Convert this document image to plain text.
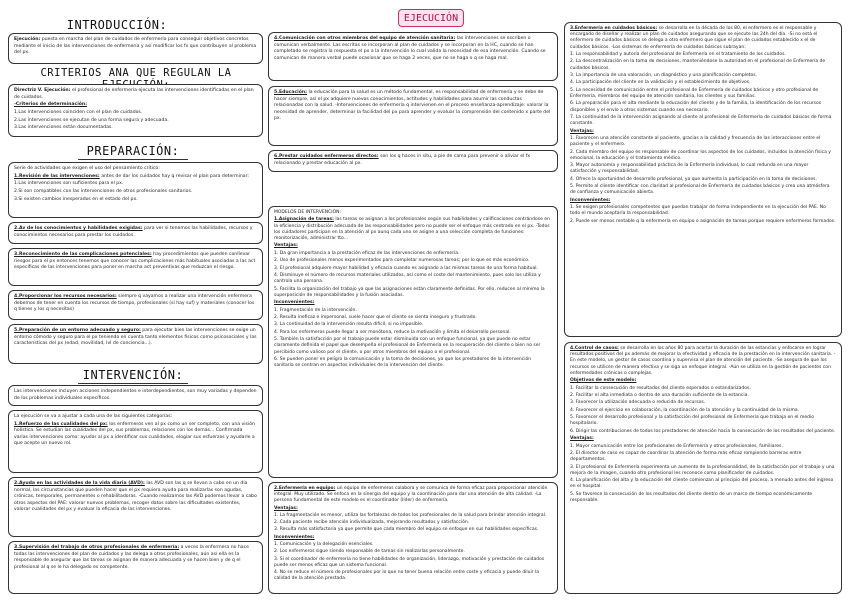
INTRODUCCIÓN:

Ejecución: puesta en marcha del plan de cuidados de enfermería para conseguir objetivos concretos mediante el inicio de las intervenciones de enfermería y así modificar los fx que contribuyen al problema del px.

CRITERIOS ANA QUE REGULAN LA

Directriz V. Ejecución: el profesional de enfermería ejecuta las intervenciones identificadas en el plan de cuidados.

-Criterios de determinación:

1.Las intervenciones coinciden con el plan de cuidados.

2.Las intervenciones se ejecutan de una forma segura y adecuada.

3.Las intervenciones están documentadas.

PREPARACIÓN:

Serie de actividades que exigen el uso del pensamiento crítico:

1.Revisión de las intervenciones: antes de dar los cuidados hay q revisar el plan para determinar:

1.Las intervenciones son suficientes para el px.

2.Si son compatibles con las intervenciones de otros profesionales sanitarios.

3.Si existen cambios inesperados en el estado del px.

2.Av de los conocimientos y habilidades exigidas: para ver si tenemos las habilidades, recursos y conocimientos necesarios para prestar los cuidados.

3.Reconocimiento de las complicaciones potenciales: hay procedimientos que pueden conllevar riesgos para el px entonces tenemos que conocer las complicaciones más habituales asociadas a las act específicas de las intervenciones para poner en marcha act preventivas que reduzcan el riesgo.

4.Proporcionar los recursos necesarios: siempre q vayamos a realizar una intervención enfermera debemos de tener en cuenta los recursos de tiempo, profesionales (si hay suf) y materiales (conocer los q tienes y los q necesitas)

5.Preparación de un entorno adecuado y seguro: para ejecutar bien las intervenciones se exige un entorno cómodo y seguro para el px teniendo en cuenta tanto elementos físicos como psicosociales y las características del px (edad, movilidad, lvl de conciencia...).

INTERVENCIÓN:

Las intervenciones incluyen acciones independientes e interdependientes, son muy variadas y dependen de los problemas individuales específicos.

La ejecución se va a ajustar a cada una de las siguientes categorías:

1.Refuerzo de las cualidades del px: los enfermeros ven al px como un ser completo, con una visión holística. Se estudian las cualidades del px, sus problemas, relaciones con los demás... Confirmada varias intervenciones como: ayudar al px a identificar sus cualidades, elogiar sus esfuerzos y ayudarle a que acepte un nuevo rol.

2.Ayuda en las actividades de la vida diaria (AVD): las AVD son las q se llevan a cabo en un día normal, las circunstancias que pueden hacer que el px requiera ayuda para realizarlas son agudas, crónicas, temporales, permanentes o rehabilitadoras. -Cuando realizamos las AVD podemos llevar a cabo otros aspectos del PAE: valorar nuevos problemas, recoger datos sobre las dificultades existentes, valorar cualidades del px y evaluar la eficacia de las intervenciones.

3.Supervisión del trabajo de otros profesionales de enfermería: a veces la enfermera no hace todas las intervenciones del plan de cuidados y las delega a otros profesionales, aún así ella es la responsable de asegurar que las tareas se asignan de manera adecuada y se hacen bien y de q el profesional al q se le ha delegado es competente.

EJECUCIÓN

4.Comunicación con otros miembros del equipo de atención sanitaria: las intervenciones se escriben o comunican verbalmente. Las escritas se incorporan al plan de cuidados y se incorporan en la HC, cuando se han completado se registra la respuesta el px a la intervención lo cual valida la necesidad de esa intervención. Cuando se comunican de manera verbal puede ocasionar que se haga 2 veces, que no se haga o q se haga mal.

5.Educación: la educación para la salud es un método fundamental, es responsabilidad de enfermería y se debe de hacer siempre, así el px adquiere nuevos conocimientos, actitudes y habilidades para asumir las conductas relacionadas con la salud. -Intervenciones de enfermería q intervienen en el proceso enseñanza-aprendizaje: valorar la necesidad de aprender, determinar la facilidad del px para aprender y evaluar la comprensión del contenido x parte del px.

6.Prestar cuidados enfermeros directos: son los q haces in situ, a pie de cama para prevenir o aliviar el fx relacionado y prestar educación al px.

MODELOS DE INTERVENCIÓN:

1.Asignación de tareas: las tareas se asignan a los profesionales según sus habilidades y calificaciones centrándose en la eficiencia y distribución adecuada de las responsabilidades pero no puede ser el enfoque más centrado en el px. -Todos los cuidadores participan en la atención al px aunq cada uno se asigne a una selección completa de funciones: monitorización, administrar tto...

Ventajas:

1. Da gran importancia a la prestación eficaz de las intervenciones de enfermería.

2. Uso de profesionales menos experimentados para completar numerosas tareas; por lo que es más económico.

3. El profesional adquiere mayor habilidad y eficacia cuando es asignado a las mismas tareas de una forma habitual.

4. Disminuye el número de recursos materiales utilizados, así como el coste del mantenimiento, pues solo los utiliza y controla una persona.

5. Facilita la organización del trabajo ya que las asignaciones están claramente definidas. Por ello, reducen al mínimo la superposición de responsabilidades y la fusión asociadas.

Inconvenientes:

1. Fragmentación de la intervención.

2. Resulta ineficaz e impersonal, suele hacer que el cliente se sienta inseguro y frustrado.

3. La continuidad de la intervención resulta difícil, si no imposible.

4. Para los enfermeros puede llegar a ser monótona, reduce la motivación y limita el desarrollo personal.

5. También la satisfacción por el trabajo puede estar disminuida con un enfoque funcional, ya que puede no estar claramente definida el papel que desempeña el profesional de Enfermería en la recuperación del cliente o bien no ser percibido como valioso por el cliente, o por otros miembros del equipo o el profesional.

6. Se pueden poner en peligro la comunicación y la toma de decisiones, ya que los prestadores de la intervención sanitaria se centran en aspectos individuales de la intervención del cliente.

2.Enfermería en equipo: un equipo de enfermeros colabora y se comunica de forma eficaz para proporcionar atención integral. Muy utilizado. Se enfoca en la sinergia del equipo y la coordinación para dar una atención de alta calidad. -La persona fundamental de este modelo es el coordinador (líder) de enfermería.

Ventajas:

1. La fragmentación es menor, utiliza las fortalezas de todos los profesionales de la salud para brindar atención integral.

2. Cada paciente recibe atención individualizada, mejorando resultados y satisfacción.

3. Resulta más satisfactoria ya que permite que cada miembro del equipo se enfoque en sus habilidades específicas.

Inconvenientes:

1. Comunicación y la delegación esenciales.

2. Los enfermeros sigue siendo responsable de tareas sin realizarlas personalmente.

3. Si el coordinador de enfermería no tiene habilidades de organización, liderazgo, motivación y prestación de cuidados puede ser menos eficaz que un sistema funcional.

4. No se reduce el número de profesionales por lo que no tener buena relación entre coste y eficacia y puede diluir la calidad de la atención prestada.

3.Enfermería en cuidados básicos: se desarrolla en la década de los 80, el enfermero es el responsable y encargado de diseñar y realizar un plan de cuidados asegurando que se ejecute las 24h del día. -Si no está el enfermero de cuidados básicos se delega a otro enfermero que sigue el plan de cuidados establecido x el de cuidados básicos. -Los sistemas de enfermería de cuidados básicos subrayan:

1. La responsabilidad y autoría del profesional de Enfermería en el tratamiento de los cuidados.

2. La descentralización en la toma de decisiones, manteniéndose la autoridad en el profesional de Enfermería de cuidados básicos.

3. La importancia de una valoración, un diagnóstico y una planificación completos.

4. La participación del cliente en la validación y el establecimiento de objetivos.

5. La necesidad de comunicación entre el profesional de Enfermería de cuidados básicos y otro profesional de Enfermería, miembros del equipo de atención sanitaria, los clientes y sus familias.

6. La preparación para el alta mediante la educación del cliente y de la familia, la identificación de los recursos disponibles y el envío a otros sistemas cuando sea necesario.

7. La continuidad de la intervención asignando al cliente al profesional de Enfermería de cuidados básicos de forma constante.

Ventajas:

1. Favorecen una atención constante al paciente, gracias a la calidad y frecuencia de las interacciones entre el paciente y el enfermero.

2. Cada miembro del equipo es responsable de coordinar los aspectos de los cuidados, incluidos la atención física y emocional, la educación y el tratamiento médico.

3. Mayor autonomía y responsabilidad práctica de la Enfermería individual, lo cual redunda en una mayor satisfacción y responsabilidad.

4. Ofrece la oportunidad de desarrollo profesional, ya que aumenta la participación en la toma de decisiones.

5. Permite al cliente identificar con claridad al profesional de Enfermería de cuidados básicos y crea una atmósfera de confianza y comunicación abierta.

Inconvenientes:

1. Se exigen profesionales competentes que puedan trabajar de forma independiente en la ejecución del PAE. No todo el mundo aceptaría la responsabilidad.

2. Puede ser menos rentable q la enfermería en equipo o asignación de tareas porque requiere enfermeros formados.

4.Control de casos: se desarrolla en los años 80 para acortar la duración de las estancias y enfocarse en lograr resultados positivos del px además de mejorar la efectividad y eficacia de la prestación en la intervención sanitaria. -En este modelo, un gestor de casos coordina y supervisa el plan de atención del paciente. -Se asegura de que los recursos se utilicen de manera efectiva y se siga un enfoque integral. -Aún se utiliza en la gestión de pacientes con enfermedades crónicas o complejas.

Objetivos de este modelo:

1. Facilitar la consecución de resultados del cliente esperados o estandarizados.

2. Facilitar el alta inmediata o dentro de una duración suficiente de la estancia.

3. Favorecer la utilización adecuada o reducida de recursos.

4. Favorecer el ejercicio en colaboración, la coordinación de la atención y la continuidad de la misma.

5. Favorecer el desarrollo profesional y la satisfacción del profesional de Enfermería que trabaja en el medio hospitalario.

6. Dirigir las contribuciones de todos los prestadores de atención hacia la consecución de los resultados del paciente.

Ventajas:

1. Mayor comunicación entre los profesionales de Enfermería y otros profesionales, familiares.

2. El director de caso es capaz de coordinar la atención de forma más eficaz rompiendo barreras entre departamentos.

3. El profesional de Enfermería experimenta un aumento de la profesionalidad, de la satisfacción por el trabajo y una mejora de la imagen, cuando otro profesional les reconoce como planificador de cuidados.

4. La planificación del alta y la educación del cliente comienzan al principio del proceso, a menudo antes del ingreso en el hospital.

5. Se favorece la consecución de los resultados del cliente dentro de un marco de tiempo económicamente responsable.
